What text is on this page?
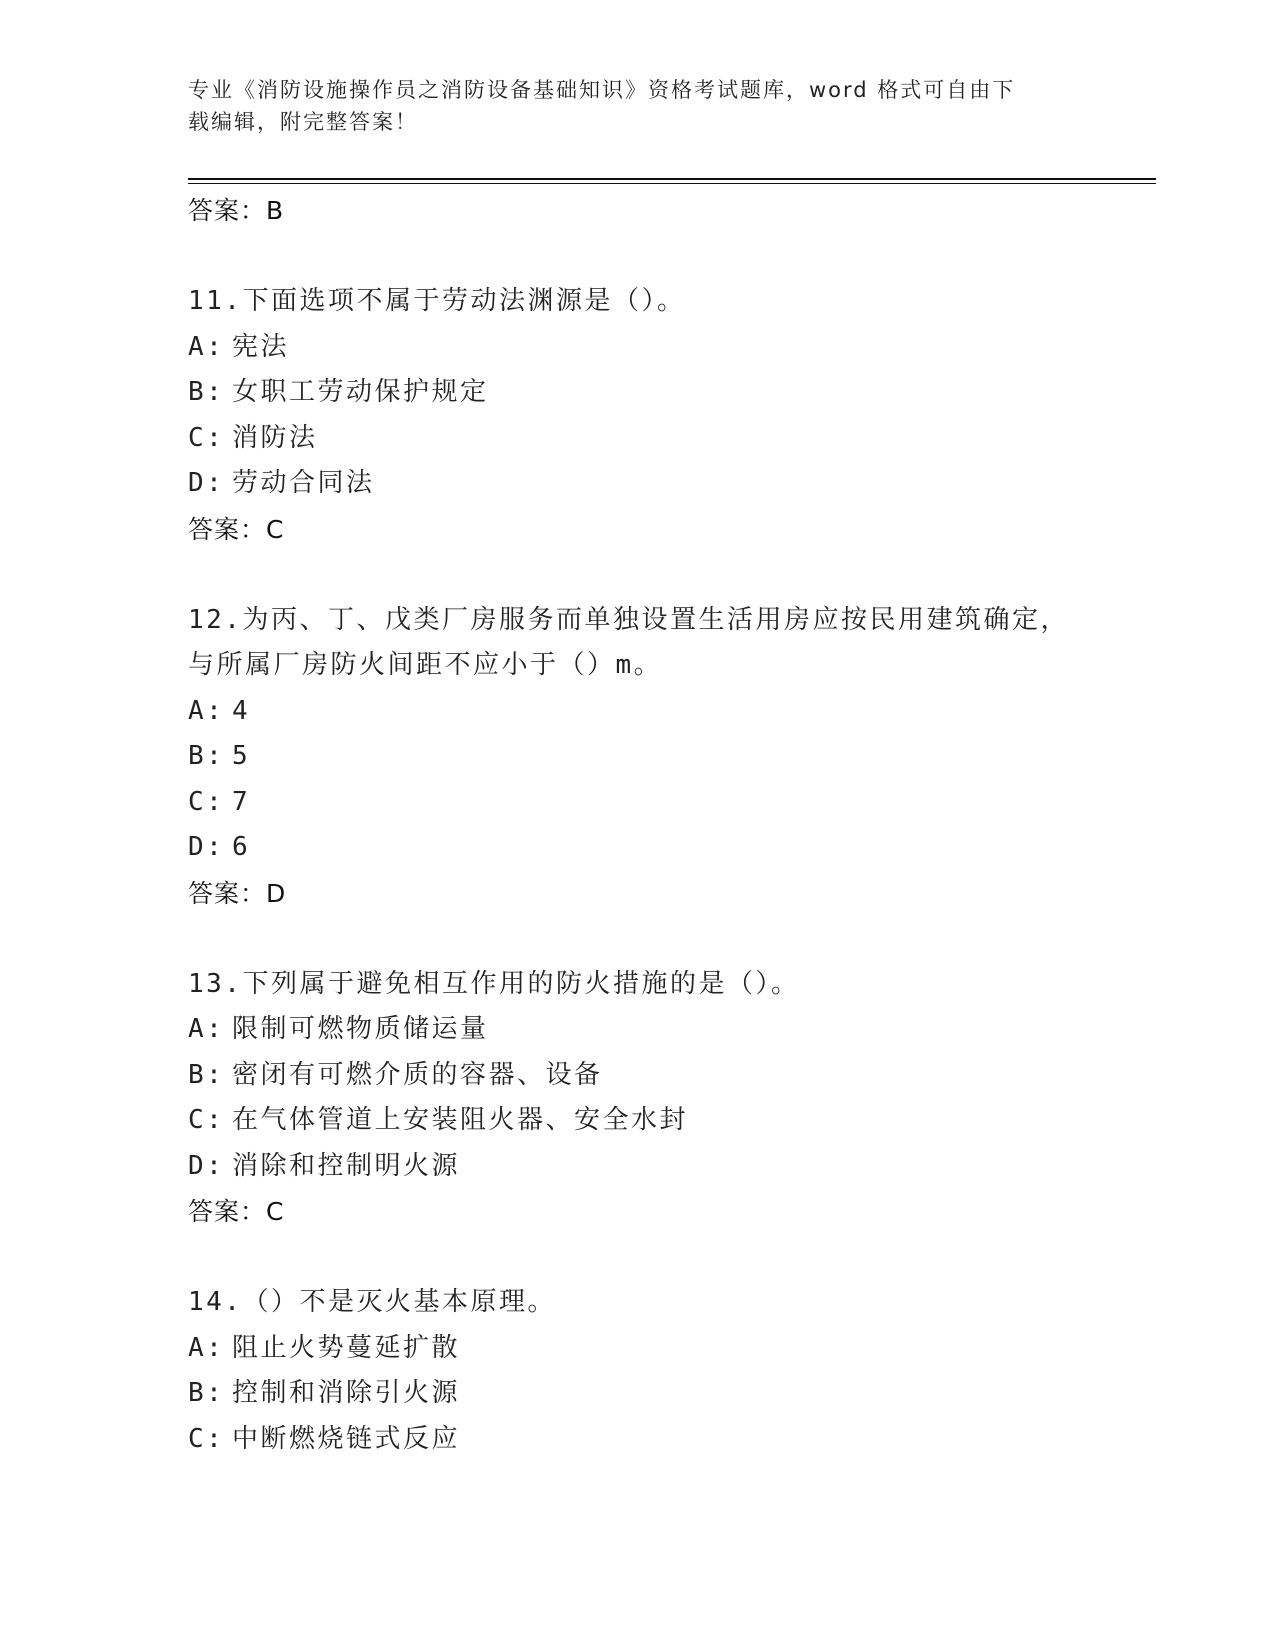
专业《消防设施操作员之消防设备基础知识》资格考试题库，word 格式可自由下
载编辑，附完整答案！
答案：B
11.下面选项不属于劳动法渊源是（）。
A: 宪法
B: 女职工劳动保护规定
C: 消防法
D: 劳动合同法
答案：C
12.为丙、丁、戊类厂房服务而单独设置生活用房应按民用建筑确定，与所属厂房防火间距不应小于（）m。
A: 4
B: 5
C: 7
D: 6
答案：D
13.下列属于避免相互作用的防火措施的是（）。
A: 限制可燃物质储运量
B: 密闭有可燃介质的容器、设备
C: 在气体管道上安装阻火器、安全水封
D: 消除和控制明火源
答案：C
14.（）不是灭火基本原理。
A: 阻止火势蔓延扩散
B: 控制和消除引火源
C: 中断燃烧链式反应
